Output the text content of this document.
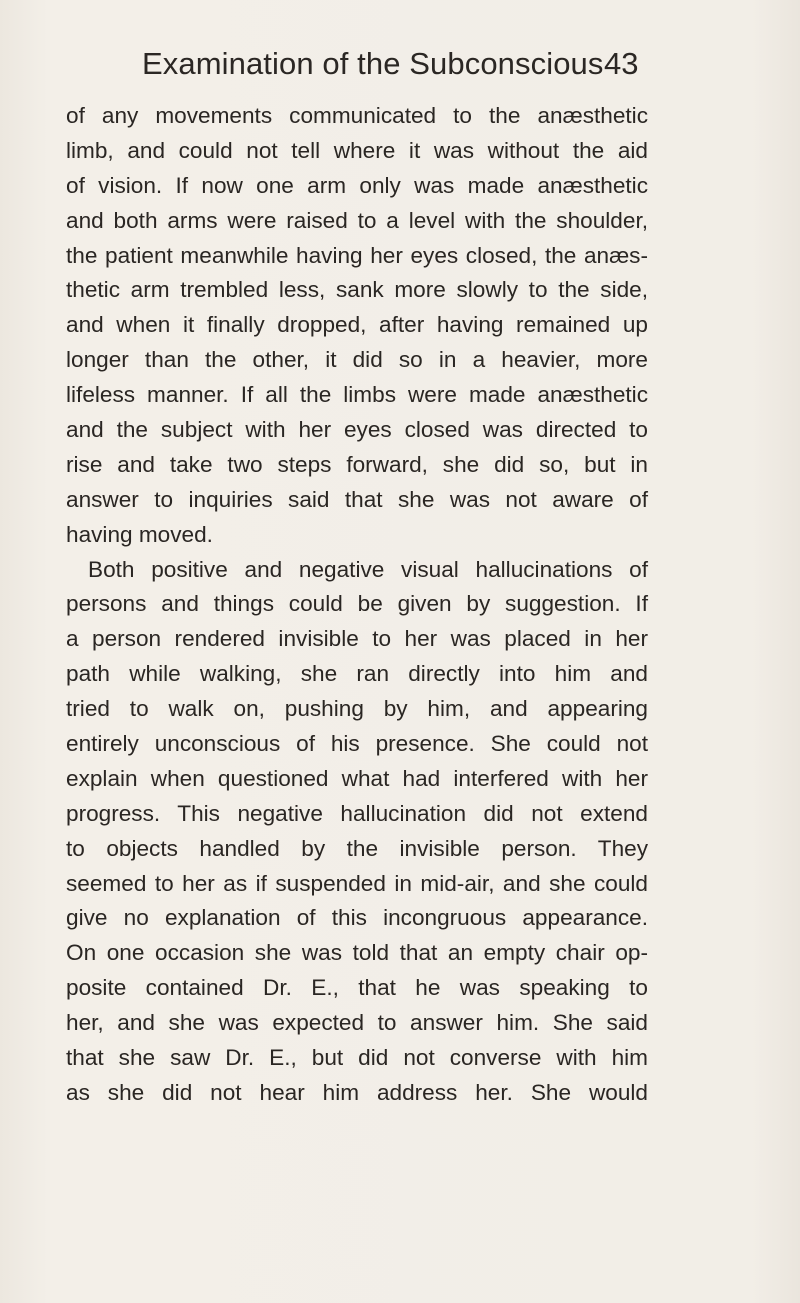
Examination of the Subconscious 43
of any movements communicated to the anæsthetic
limb, and could not tell where it was without the aid
of vision. If now one arm only was made anæsthetic
and both arms were raised to a level with the shoulder,
the patient meanwhile having her eyes closed, the anæs-
thetic arm trembled less, sank more slowly to the side,
and when it finally dropped, after having remained up
longer than the other, it did so in a heavier, more
lifeless manner. If all the limbs were made anæsthetic
and the subject with her eyes closed was directed to
rise and take two steps forward, she did so, but in
answer to inquiries said that she was not aware of
having moved.
Both positive and negative visual hallucinations of
persons and things could be given by suggestion. If
a person rendered invisible to her was placed in her
path while walking, she ran directly into him and
tried to walk on, pushing by him, and appearing
entirely unconscious of his presence. She could not
explain when questioned what had interfered with her
progress. This negative hallucination did not extend
to objects handled by the invisible person. They
seemed to her as if suspended in mid-air, and she could
give no explanation of this incongruous appearance.
On one occasion she was told that an empty chair op-
posite contained Dr. E., that he was speaking to
her, and she was expected to answer him. She said
that she saw Dr. E., but did not converse with him
as she did not hear him address her. She would
